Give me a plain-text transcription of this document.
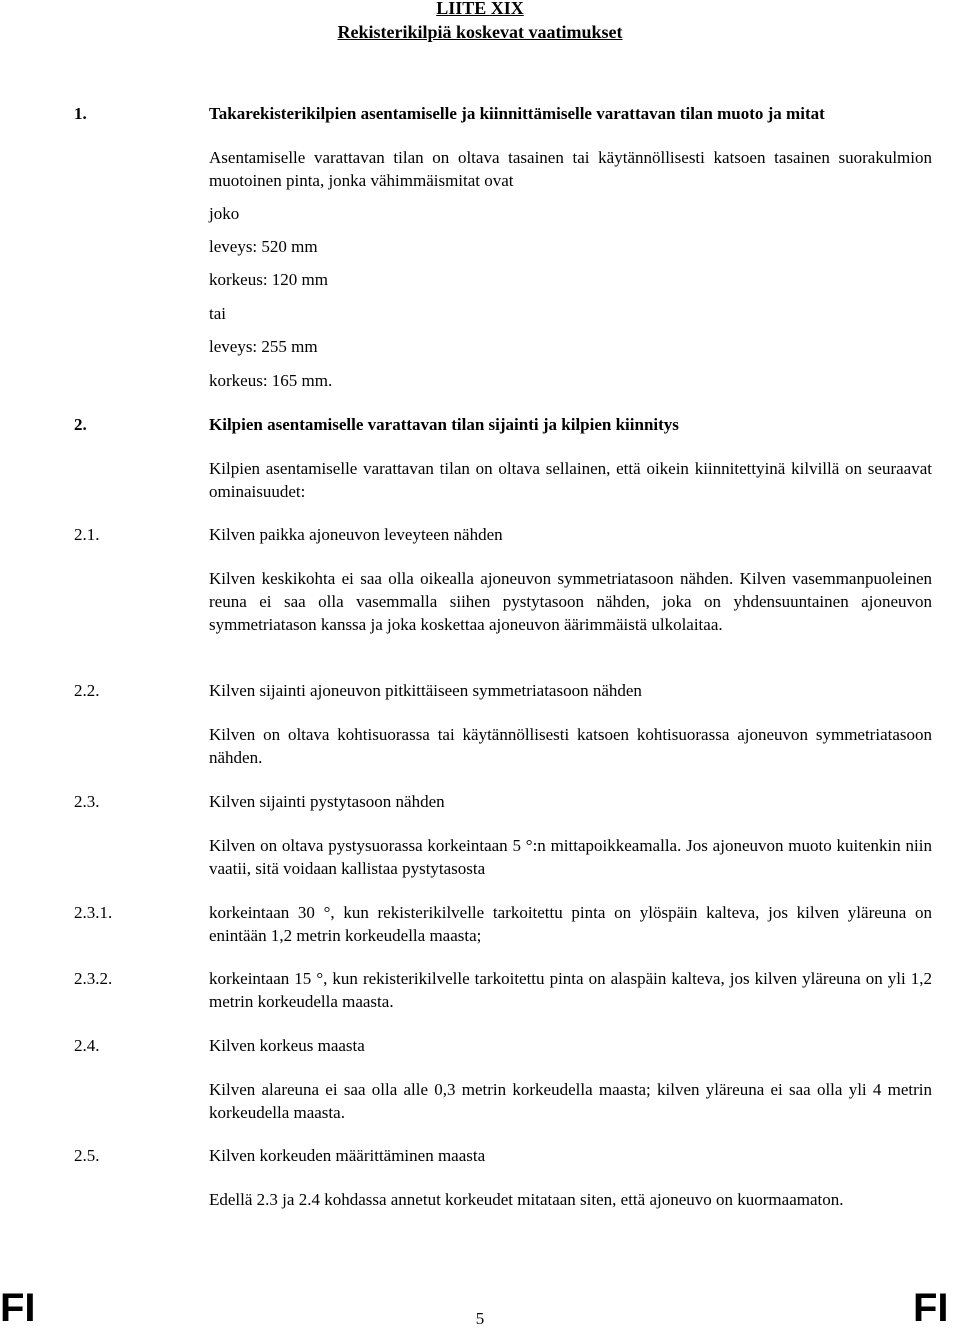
LIITE XIX
Rekisterikilpiä koskevat vaatimukset
1.	Takarekisterikilpien asentamiselle ja kiinnittämiselle varattavan tilan muoto ja mitat
Asentamiselle varattavan tilan on oltava tasainen tai käytännöllisesti katsoen tasainen suorakulmion muotoinen pinta, jonka vähimmäismitat ovat
joko
leveys: 520 mm
korkeus: 120 mm
tai
leveys: 255 mm
korkeus: 165 mm.
2.	Kilpien asentamiselle varattavan tilan sijainti ja kilpien kiinnitys
Kilpien asentamiselle varattavan tilan on oltava sellainen, että oikein kiinnitettyinä kilvillä on seuraavat ominaisuudet:
2.1.	Kilven paikka ajoneuvon leveyteen nähden
Kilven keskikohta ei saa olla oikealla ajoneuvon symmetriatasoon nähden. Kilven vasemmanpuoleinen reuna ei saa olla vasemmalla siihen pystytasoon nähden, joka on yhdensuuntainen ajoneuvon symmetriatason kanssa ja joka koskettaa ajoneuvon äärimmäistä ulkolaitaa.
2.2.	Kilven sijainti ajoneuvon pitkittäiseen symmetriatasoon nähden
Kilven on oltava kohtisuorassa tai käytännöllisesti katsoen kohtisuorassa ajoneuvon symmetriatasoon nähden.
2.3.	Kilven sijainti pystytasoon nähden
Kilven on oltava pystysuorassa korkeintaan 5 °:n mittapoikkeamalla. Jos ajoneuvon muoto kuitenkin niin vaatii, sitä voidaan kallistaa pystytasosta
2.3.1.	korkeintaan 30 °, kun rekisterikilvelle tarkoitettu pinta on ylöspäin kalteva, jos kilven yläreuna on enintään 1,2 metrin korkeudella maasta;
2.3.2.	korkeintaan 15 °, kun rekisterikilvelle tarkoitettu pinta on alaspäin kalteva, jos kilven yläreuna on yli 1,2 metrin korkeudella maasta.
2.4.	Kilven korkeus maasta
Kilven alareuna ei saa olla alle 0,3 metrin korkeudella maasta; kilven yläreuna ei saa olla yli 4 metrin korkeudella maasta.
2.5.	Kilven korkeuden määrittäminen maasta
Edellä 2.3 ja 2.4 kohdassa annetut korkeudet mitataan siten, että ajoneuvo on kuormaamaton.
FI	5	FI
